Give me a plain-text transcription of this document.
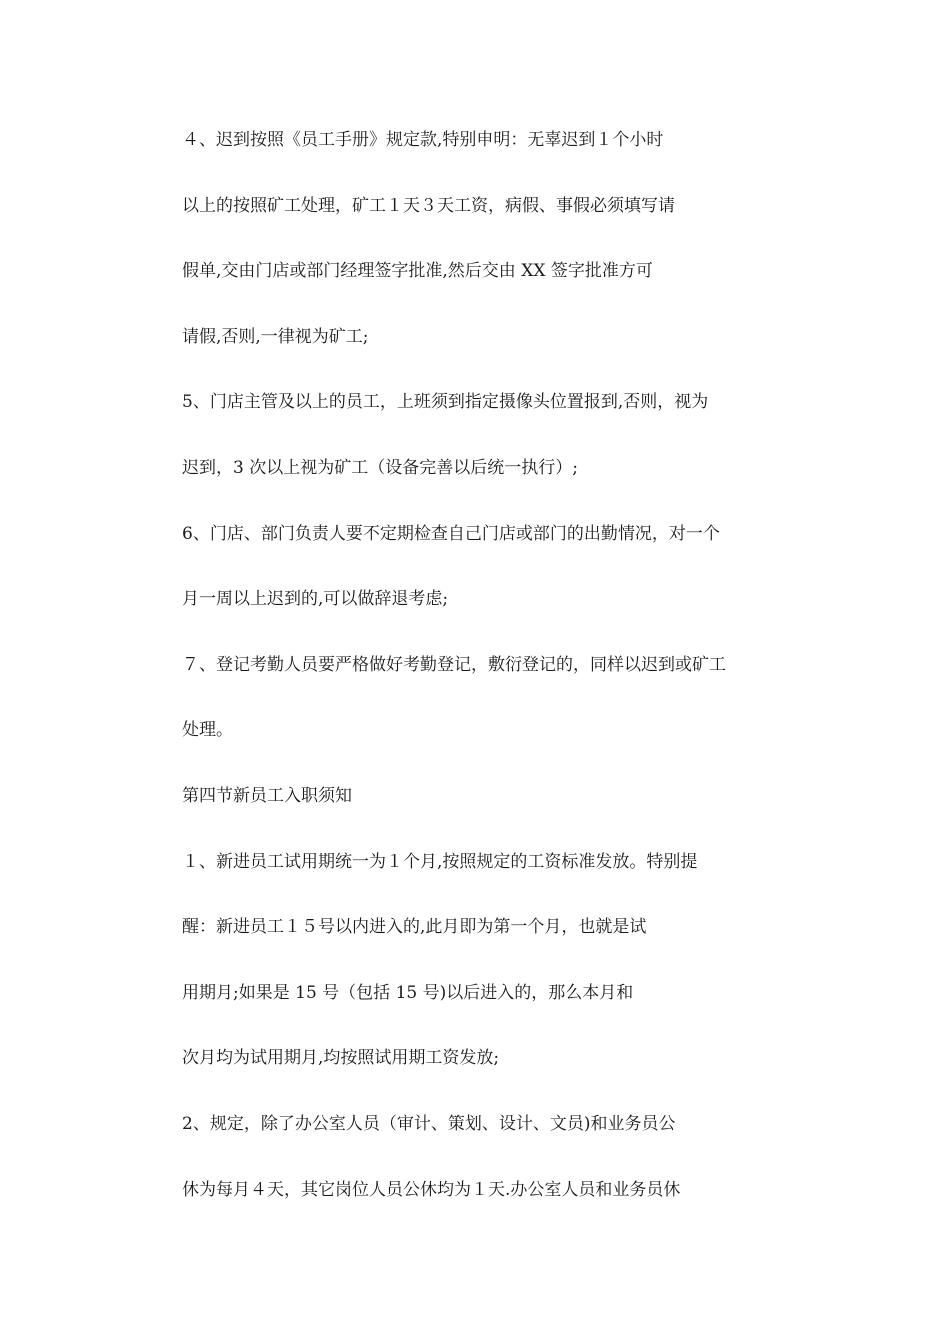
４、迟到按照《员工手册》规定款,特别申明：无辜迟到１个小时
以上的按照矿工处理，矿工１天３天工资，病假、事假必须填写请
假单,交由门店或部门经理签字批准,然后交由 XX 签字批准方可
请假,否则,一律视为矿工;
5、门店主管及以上的员工，上班须到指定摄像头位置报到,否则，视为
迟到，3 次以上视为矿工（设备完善以后统一执行）;
6、门店、部门负责人要不定期检查自己门店或部门的出勤情况，对一个
月一周以上迟到的,可以做辞退考虑;
７、登记考勤人员要严格做好考勤登记，敷衍登记的，同样以迟到或矿工
处理。
第四节新员工入职须知
１、新进员工试用期统一为１个月,按照规定的工资标准发放。特别提
醒：新进员工１５号以内进入的,此月即为第一个月，也就是试
用期月;如果是 15 号（包括 15 号)以后进入的，那么本月和
次月均为试用期月,均按照试用期工资发放;
2、规定，除了办公室人员（审计、策划、设计、文员)和业务员公
休为每月４天，其它岗位人员公休均为１天.办公室人员和业务员休
